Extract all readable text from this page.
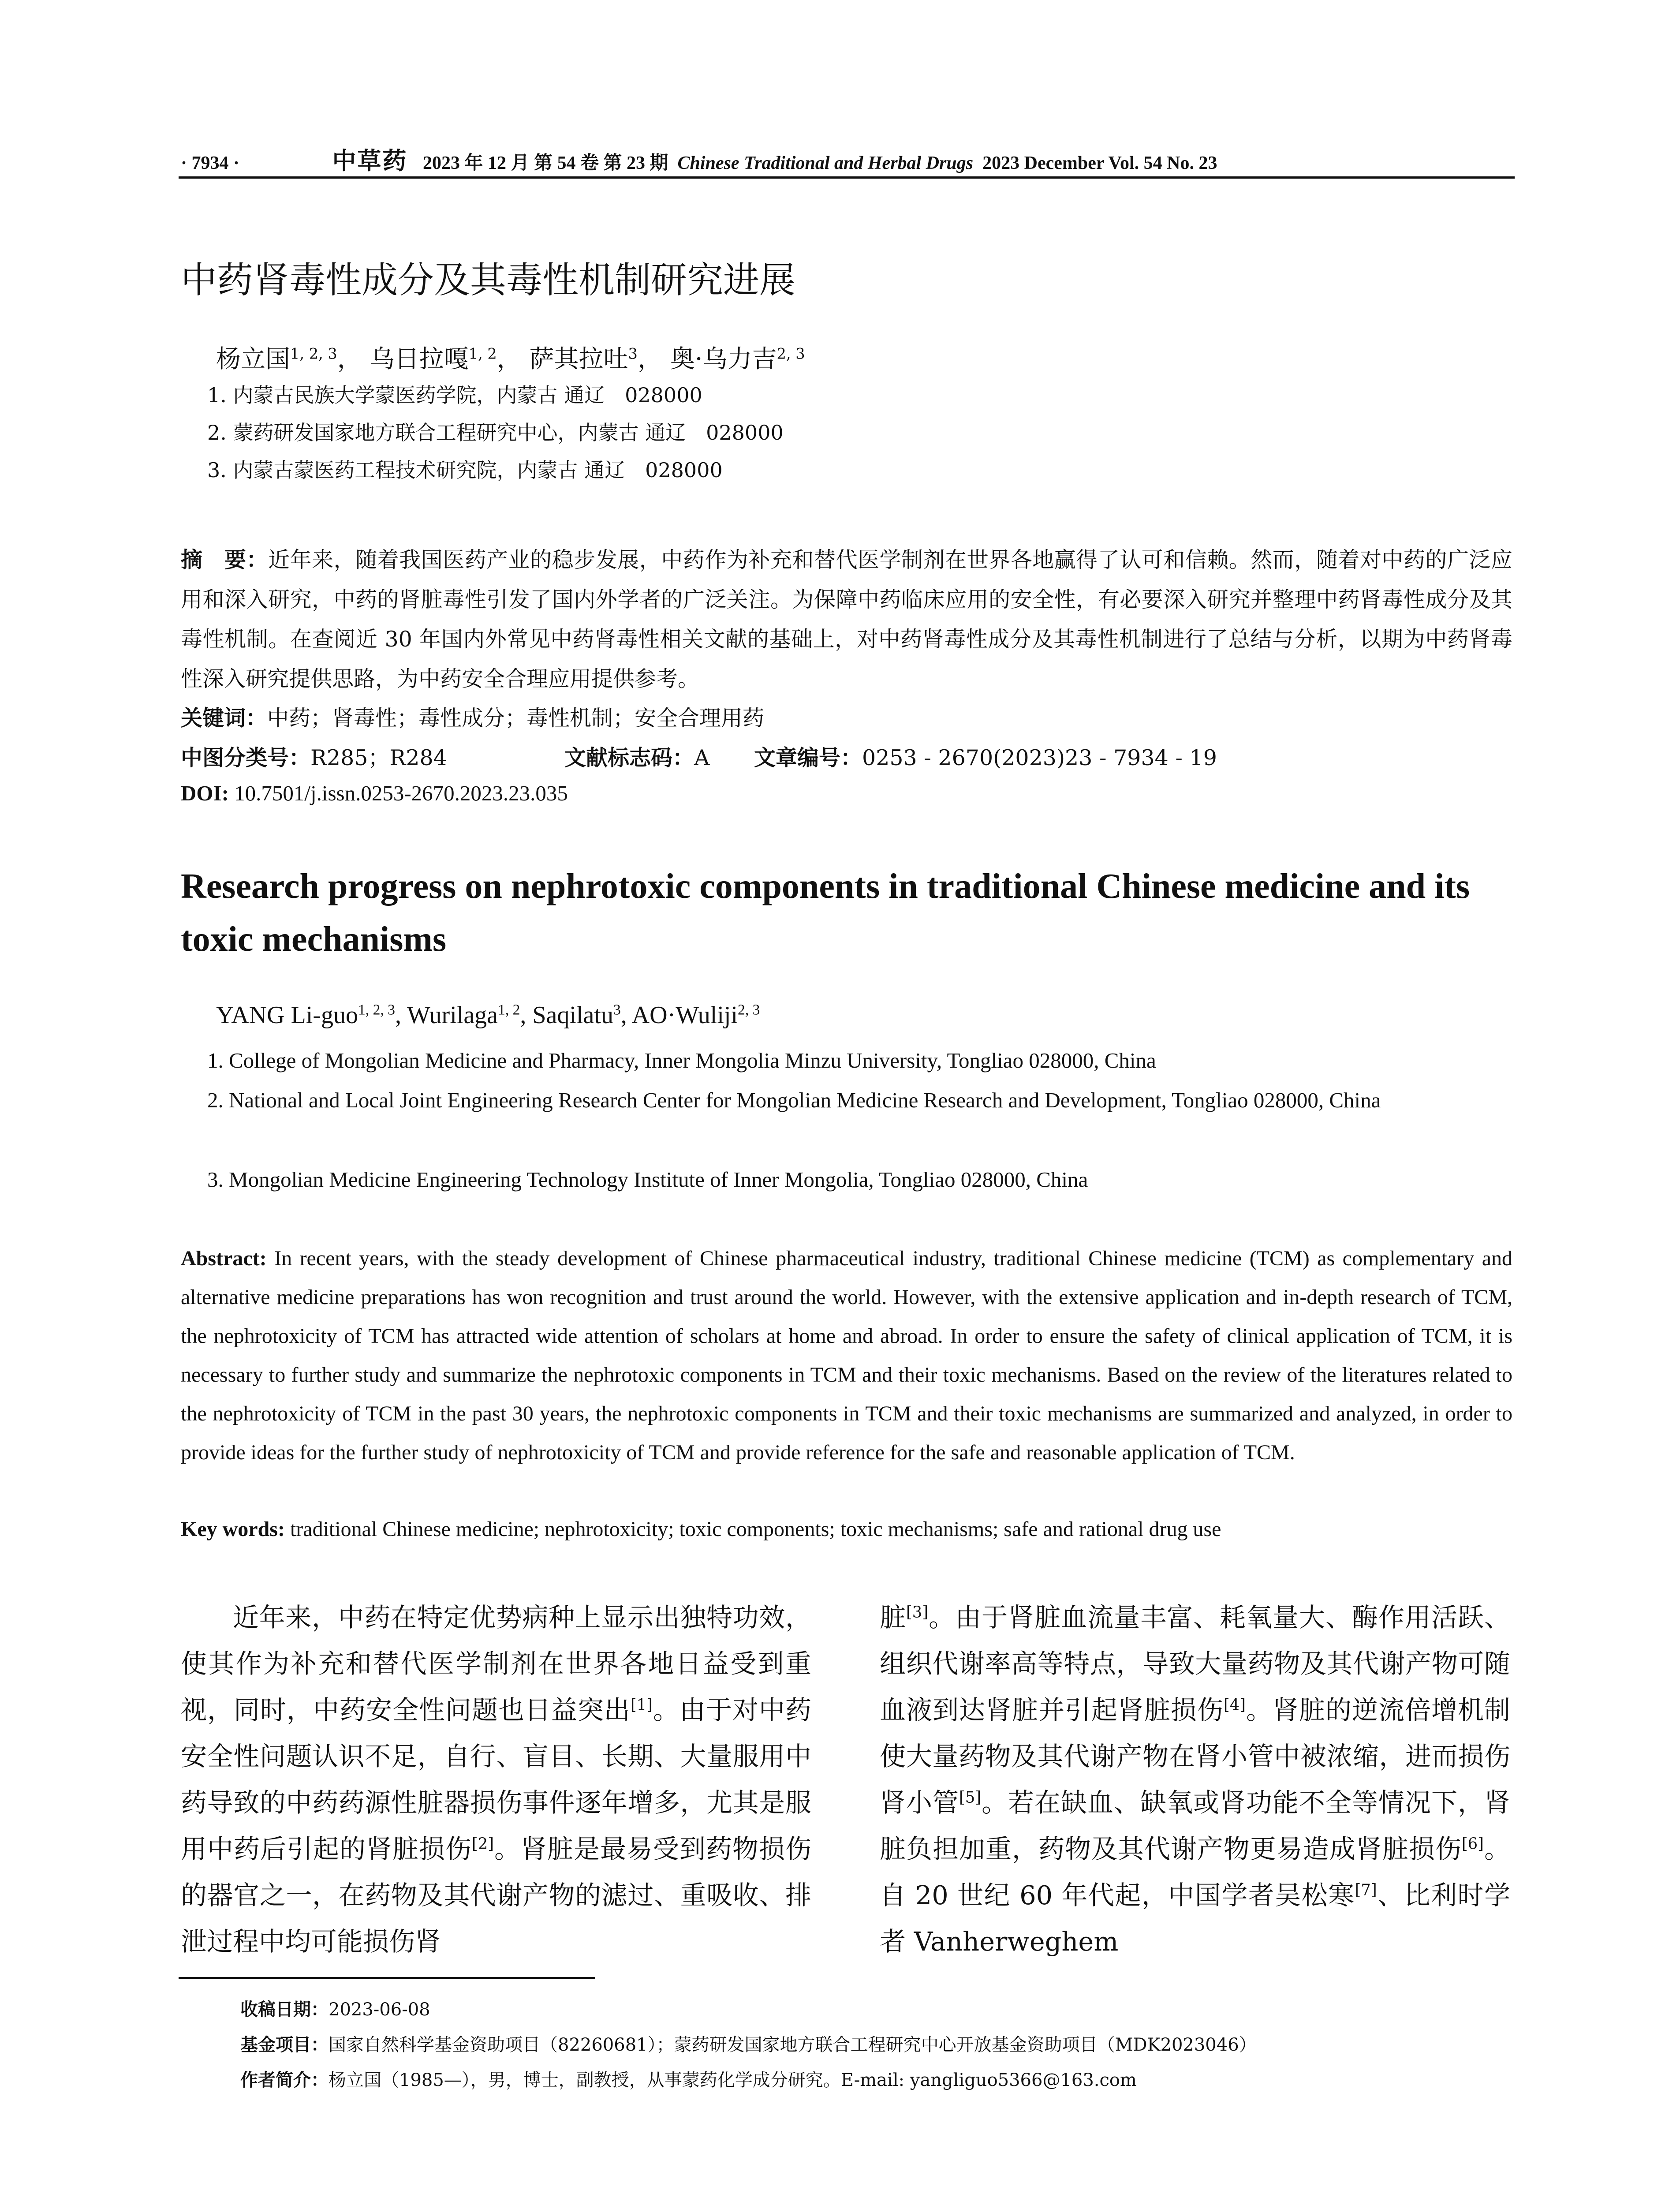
· 7934 ·	中草药 2023 年 12 月 第 54 卷 第 23 期 Chinese Traditional and Herbal Drugs 2023 December Vol. 54 No. 23
中药肾毒性成分及其毒性机制研究进展
杨立国$^{1, 2, 3}$， 乌日拉嘎$^{1, 2}$， 萨其拉吐$^3$， 奥·乌力吉$^{2, 3}$
1. 内蒙古民族大学蒙医药学院，内蒙古 通辽　028000
2. 蒙药研发国家地方联合工程研究中心，内蒙古 通辽　028000
3. 内蒙古蒙医药工程技术研究院，内蒙古 通辽　028000
摘　要：近年来，随着我国医药产业的稳步发展，中药作为补充和替代医学制剂在世界各地赢得了认可和信赖。然而，随着对中药的广泛应用和深入研究，中药的肾脏毒性引发了国内外学者的广泛关注。为保障中药临床应用的安全性，有必要深入研究并整理中药肾毒性成分及其毒性机制。在查阅近 30 年国内外常见中药肾毒性相关文献的基础上，对中药肾毒性成分及其毒性机制进行了总结与分析，以期为中药肾毒性深入研究提供思路，为中药安全合理应用提供参考。
关键词：中药；肾毒性；毒性成分；毒性机制；安全合理用药
中图分类号：R285；R284	文献标志码：A 文章编号：0253 - 2670(2023)23 - 7934 - 19
DOI: 10.7501/j.issn.0253-2670.2023.23.035
Research progress on nephrotoxic components in traditional Chinese medicine and its toxic mechanisms
YANG Li-guo$^{1, 2, 3}$, Wurilaga$^{1, 2}$, Saqilatu$^3$, AO·Wuliji$^{2, 3}$
1. College of Mongolian Medicine and Pharmacy, Inner Mongolia Minzu University, Tongliao 028000, China
2. National and Local Joint Engineering Research Center for Mongolian Medicine Research and Development, Tongliao 028000, China
3. Mongolian Medicine Engineering Technology Institute of Inner Mongolia, Tongliao 028000, China
Abstract: In recent years, with the steady development of Chinese pharmaceutical industry, traditional Chinese medicine (TCM) as complementary and alternative medicine preparations has won recognition and trust around the world. However, with the extensive application and in-depth research of TCM, the nephrotoxicity of TCM has attracted wide attention of scholars at home and abroad. In order to ensure the safety of clinical application of TCM, it is necessary to further study and summarize the nephrotoxic components in TCM and their toxic mechanisms. Based on the review of the literatures related to the nephrotoxicity of TCM in the past 30 years, the nephrotoxic components in TCM and their toxic mechanisms are summarized and analyzed, in order to provide ideas for the further study of nephrotoxicity of TCM and provide reference for the safe and reasonable application of TCM.
Key words: traditional Chinese medicine; nephrotoxicity; toxic components; toxic mechanisms; safe and rational drug use
近年来，中药在特定优势病种上显示出独特功效，使其作为补充和替代医学制剂在世界各地日益受到重视，同时，中药安全性问题也日益突出[1]。由于对中药安全性问题认识不足，自行、盲目、长期、大量服用中药导致的中药药源性脏器损伤事件逐年增多，尤其是服用中药后引起的肾脏损伤[2]。肾脏是最易受到药物损伤的器官之一，在药物及其代谢产物的滤过、重吸收、排泄过程中均可能损伤肾
脏[3]。由于肾脏血流量丰富、耗氧量大、酶作用活跃、组织代谢率高等特点，导致大量药物及其代谢产物可随血液到达肾脏并引起肾脏损伤[4]。肾脏的逆流倍增机制使大量药物及其代谢产物在肾小管中被浓缩，进而损伤肾小管[5]。若在缺血、缺氧或肾功能不全等情况下，肾脏负担加重，药物及其代谢产物更易造成肾脏损伤[6]。自 20 世纪 60 年代起，中国学者吴松寒[7]、比利时学者 Vanherweghem
收稿日期：2023-06-08
基金项目：国家自然科学基金资助项目（82260681）；蒙药研发国家地方联合工程研究中心开放基金资助项目（MDK2023046）
作者简介：杨立国（1985—），男，博士，副教授，从事蒙药化学成分研究。E-mail: yangliguo5366@163.com
